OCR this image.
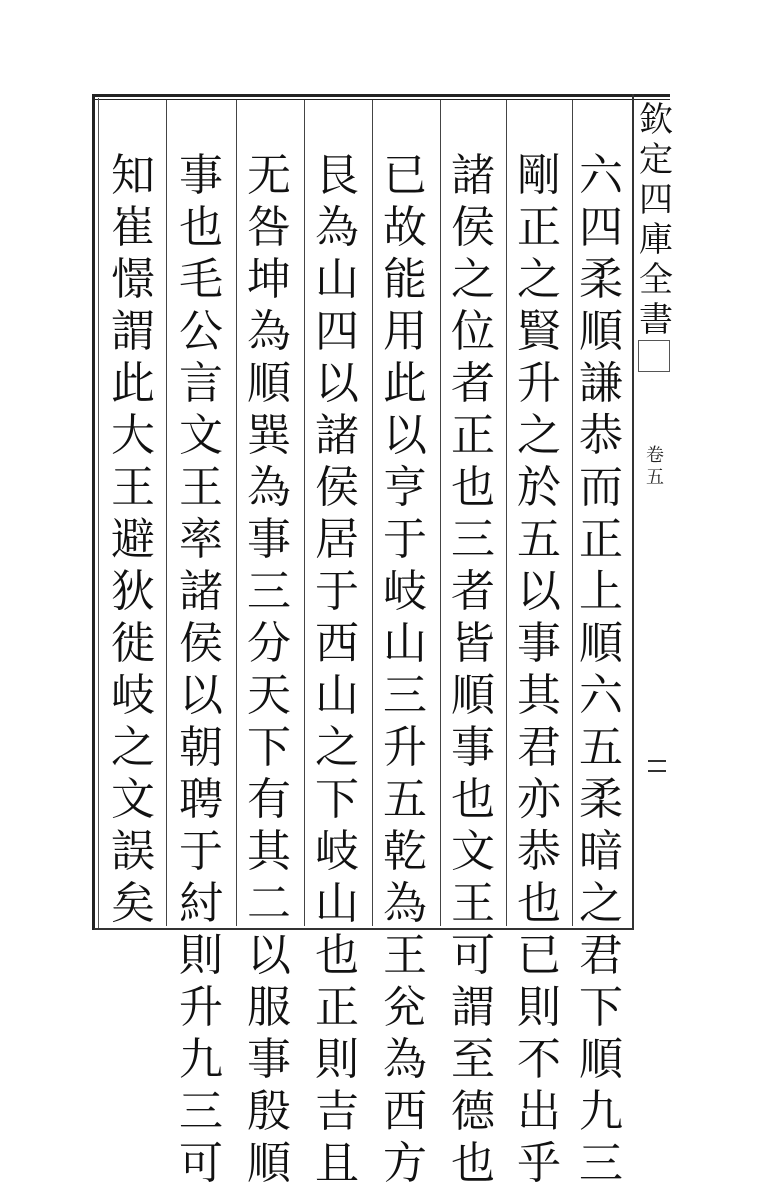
欽
定
四
庫
全
書
卷
五
六
四
柔
順
謙
恭
而
正
上
順
六
五
柔
暗
之
君
下
順
九
三
剛
正
之
賢
升
之
於
五
以
事
其
君
亦
恭
也
已
則
不
出
乎
諸
侯
之
位
者
正
也
三
者
皆
順
事
也
文
王
可
謂
至
德
也
已
故
能
用
此
以
亨
于
岐
山
三
升
五
乾
為
王
兊
為
西
方
艮
為
山
四
以
諸
侯
居
于
西
山
之
下
岐
山
也
正
則
吉
且
无
咎
坤
為
順
巽
為
事
三
分
天
下
有
其
二
以
服
事
殷
順
事
也
毛
公
言
文
王
率
諸
侯
以
朝
聘
于
紂
則
升
九
三
可
知
崔
憬
謂
此
大
王
避
狄
徙
岐
之
文
誤
矣
